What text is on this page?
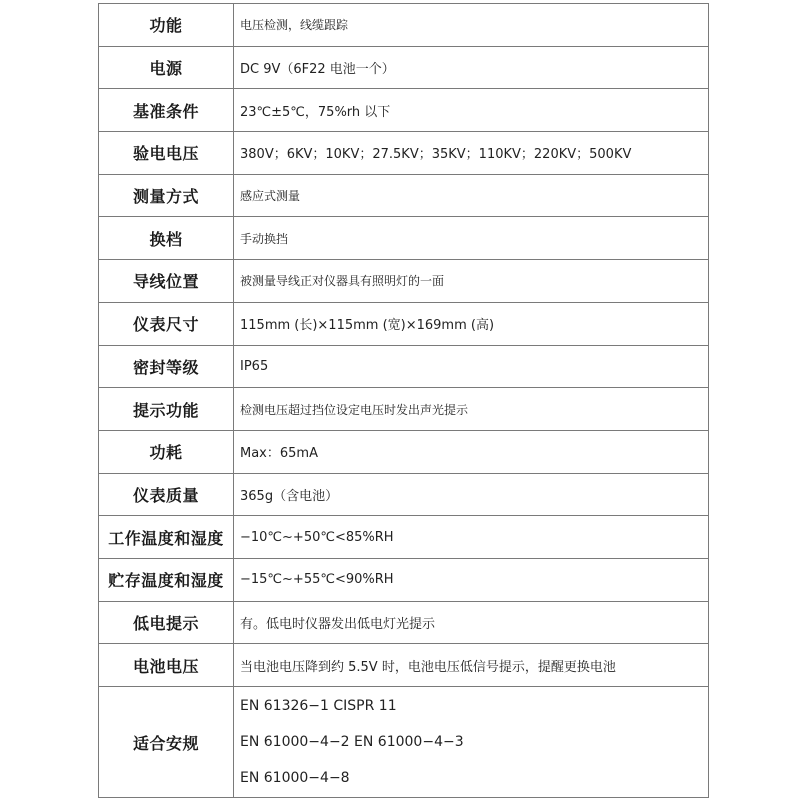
功能	电压检测，线缆跟踪
电源	DC 9V（6F22 电池一个）
基准条件	23℃±5℃，75%rh 以下
验电电压	380V；6KV；10KV；27.5KV；35KV；110KV；220KV；500KV
测量方式	感应式测量
换档	手动换挡
导线位置	被测量导线正对仪器具有照明灯的一面
仪表尺寸	115mm (长)×115mm (宽)×169mm (高)
密封等级	IP65
提示功能	检测电压超过挡位设定电压时发出声光提示
功耗	Max：65mA
仪表质量	365g（含电池）
工作温度和湿度	−10℃~+50℃<85%RH
贮存温度和湿度	−15℃~+55℃<90%RH
低电提示	有。低电时仪器发出低电灯光提示
电池电压	当电池电压降到约 5.5V 时，电池电压低信号提示，提醒更换电池
适合安规	EN 61326−1 CISPR 11
EN 61000−4−2 EN 61000−4−3
EN 61000−4−8
